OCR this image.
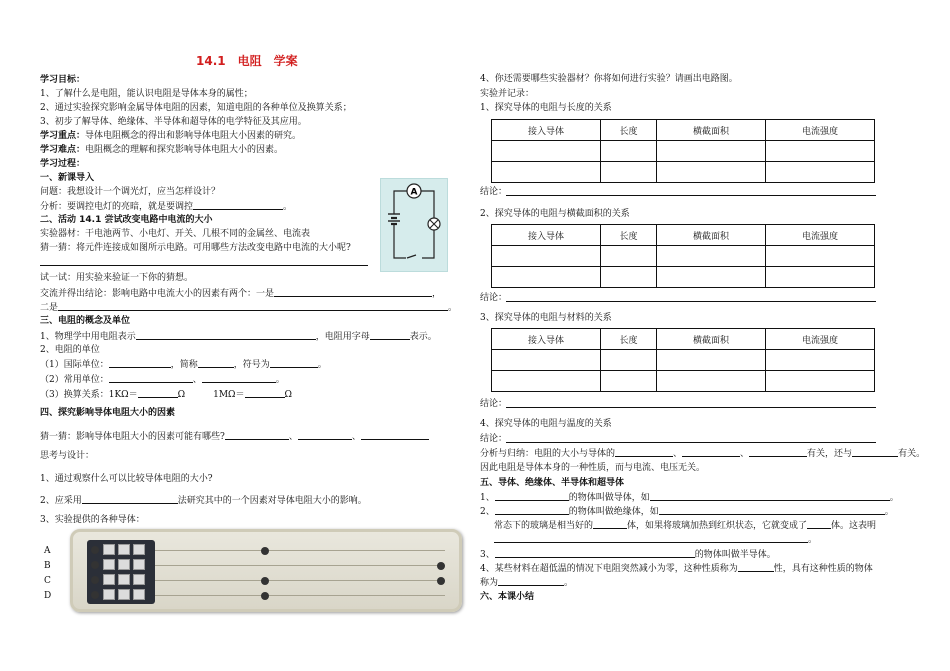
14.1　电阻　学案
学习目标：
1、了解什么是电阻，能认识电阻是导体本身的属性；
2、通过实验探究影响金属导体电阻的因素，知道电阻的各种单位及换算关系；
3、初步了解导体、绝缘体、半导体和超导体的电学特征及其应用。
学习重点：导体电阻概念的得出和影响导体电阻大小因素的研究。
学习难点：电阻概念的理解和探究影响导体电阻大小的因素。
学习过程：
一、新课导入
问题：我想设计一个调光灯，应当怎样设计？
分析：要调控电灯的亮暗，就是要调控	。
二、活动 14.1 尝试改变电路中电流的大小
实验器材：干电池两节、小电灯、开关、几根不同的金属丝、电流表
猜一猜：将元件连接成如图所示电路。可用哪些方法改变电路中电流的大小呢?
A
试一试：用实验来验证一下你的猜想。
交流并得出结论：影响电路中电流大小的因素有两个：一是	，
二是	。
三、电阻的概念及单位
1、物理学中用电阻表示	，电阻用字母	表示。
2、电阻的单位
（1）国际单位：	，简称	，符号为	。
（2）常用单位：	、	。
（3）换算关系：1KΩ＝	Ω	1MΩ＝	Ω
四、探究影响导体电阻大小的因素
猜一猜：影响导体电阻大小的因素可能有哪些?	、	、
思考与设计：
1、通过观察什么可以比较导体电阻的大小?
2、应采用	法研究其中的一个因素对导体电阻大小的影响。
3、实验提供的各种导体：
A
B
C
D
4、你还需要哪些实验器材？你将如何进行实验？请画出电路图。
实验并记录：
1、探究导体的电阻与长度的关系
接入导体	长度	横截面积	电流强度

结论：
2、探究导体的电阻与横截面积的关系
接入导体	长度	横截面积	电流强度

结论：
3、探究导体的电阻与材料的关系
接入导体	长度	横截面积	电流强度

结论：
4、探究导体的电阻与温度的关系
结论：
分析与归纳：电阻的大小与导体的	、	、	有关，还与	有关。
因此电阻是导体本身的一种性质，而与电流、电压无关。
五、导体、绝缘体、半导体和超导体
1、	的物体叫做导体，如	。
2、	的物体叫做绝缘体，如	。
常态下的玻璃是相当好的	体，如果将玻璃加热到红炽状态，它就变成了	体。这表明
。
3、	的物体叫做半导体。
4、某些材料在超低温的情况下电阻突然减小为零，这种性质称为	性，具有这种性质的物体
称为	。
六、本课小结
